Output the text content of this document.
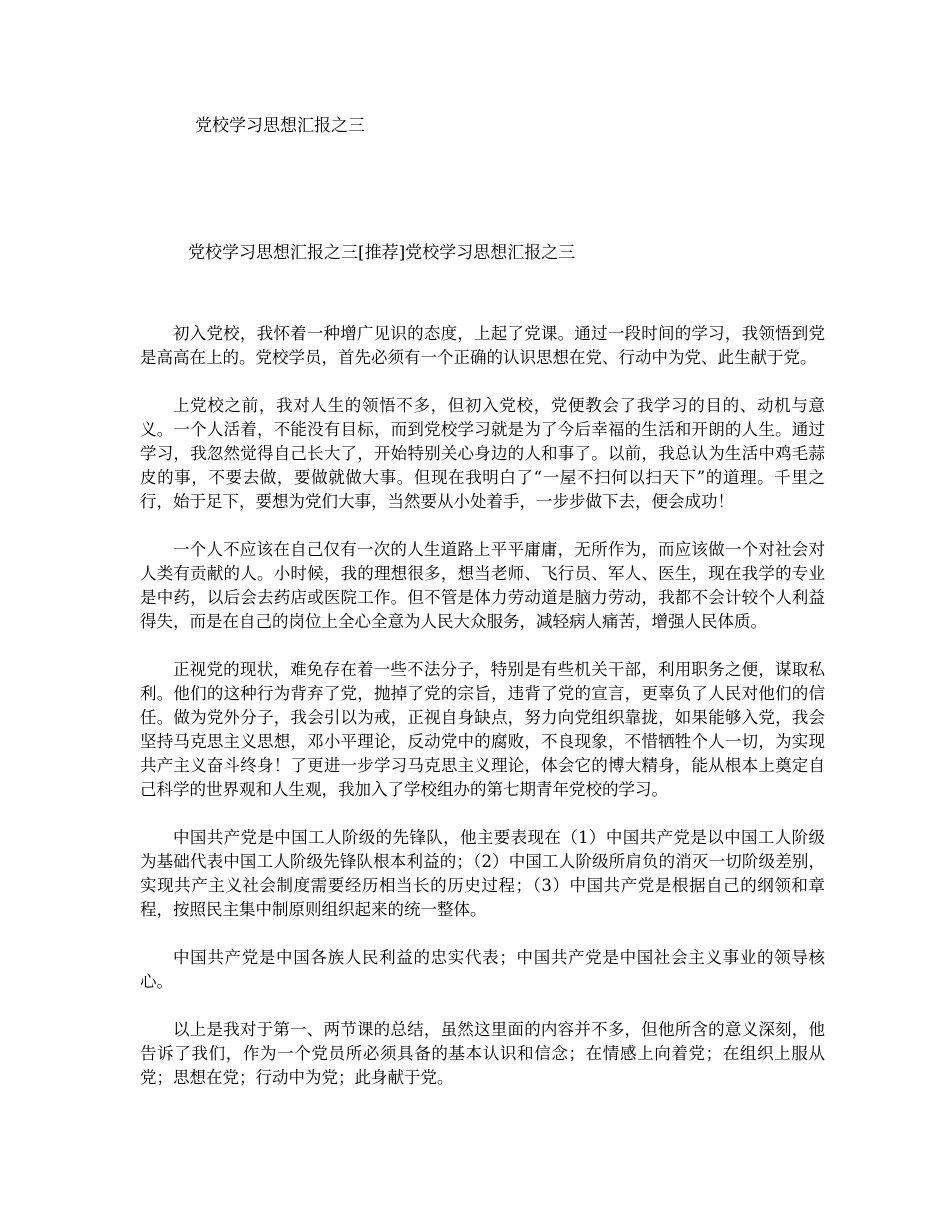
党校学习思想汇报之三
党校学习思想汇报之三[推荐]党校学习思想汇报之三

初入党校，我怀着一种增广见识的态度，上起了党课。通过一段时间的学习，我领悟到党是高高在上的。党校学员，首先必须有一个正确的认识思想在党、行动中为党、此生献于党。

上党校之前，我对人生的领悟不多，但初入党校，党便教会了我学习的目的、动机与意义。一个人活着，不能没有目标，而到党校学习就是为了今后幸福的生活和开朗的人生。通过学习，我忽然觉得自己长大了，开始特别关心身边的人和事了。以前，我总认为生活中鸡毛蒜皮的事，不要去做，要做就做大事。但现在我明白了“一屋不扫何以扫天下”的道理。千里之行，始于足下，要想为党们大事，当然要从小处着手，一步步做下去，便会成功！

一个人不应该在自己仅有一次的人生道路上平平庸庸，无所作为，而应该做一个对社会对人类有贡献的人。小时候，我的理想很多，想当老师、飞行员、军人、医生，现在我学的专业是中药，以后会去药店或医院工作。但不管是体力劳动道是脑力劳动，我都不会计较个人利益得失，而是在自己的岗位上全心全意为人民大众服务，减轻病人痛苦，增强人民体质。

正视党的现状，难免存在着一些不法分子，特别是有些机关干部，利用职务之便，谋取私利。他们的这种行为背弃了党，抛掉了党的宗旨，违背了党的宣言，更辜负了人民对他们的信任。做为党外分子，我会引以为戒，正视自身缺点，努力向党组织靠拢，如果能够入党，我会坚持马克思主义思想，邓小平理论，反动党中的腐败，不良现象，不惜牺牲个人一切，为实现共产主义奋斗终身！了更进一步学习马克思主义理论，体会它的博大精身，能从根本上奠定自己科学的世界观和人生观，我加入了学校组办的第七期青年党校的学习。

中国共产党是中国工人阶级的先锋队，他主要表现在（1）中国共产党是以中国工人阶级为基础代表中国工人阶级先锋队根本利益的；（2）中国工人阶级所肩负的消灭一切阶级差别，实现共产主义社会制度需要经历相当长的历史过程；（3）中国共产党是根据自己的纲领和章程，按照民主集中制原则组织起来的统一整体。

中国共产党是中国各族人民利益的忠实代表；中国共产党是中国社会主义事业的领导核心。

以上是我对于第一、两节课的总结，虽然这里面的内容并不多，但他所含的意义深刻，他告诉了我们，作为一个党员所必须具备的基本认识和信念；在情感上向着党；在组织上服从党；思想在党；行动中为党；此身献于党。
